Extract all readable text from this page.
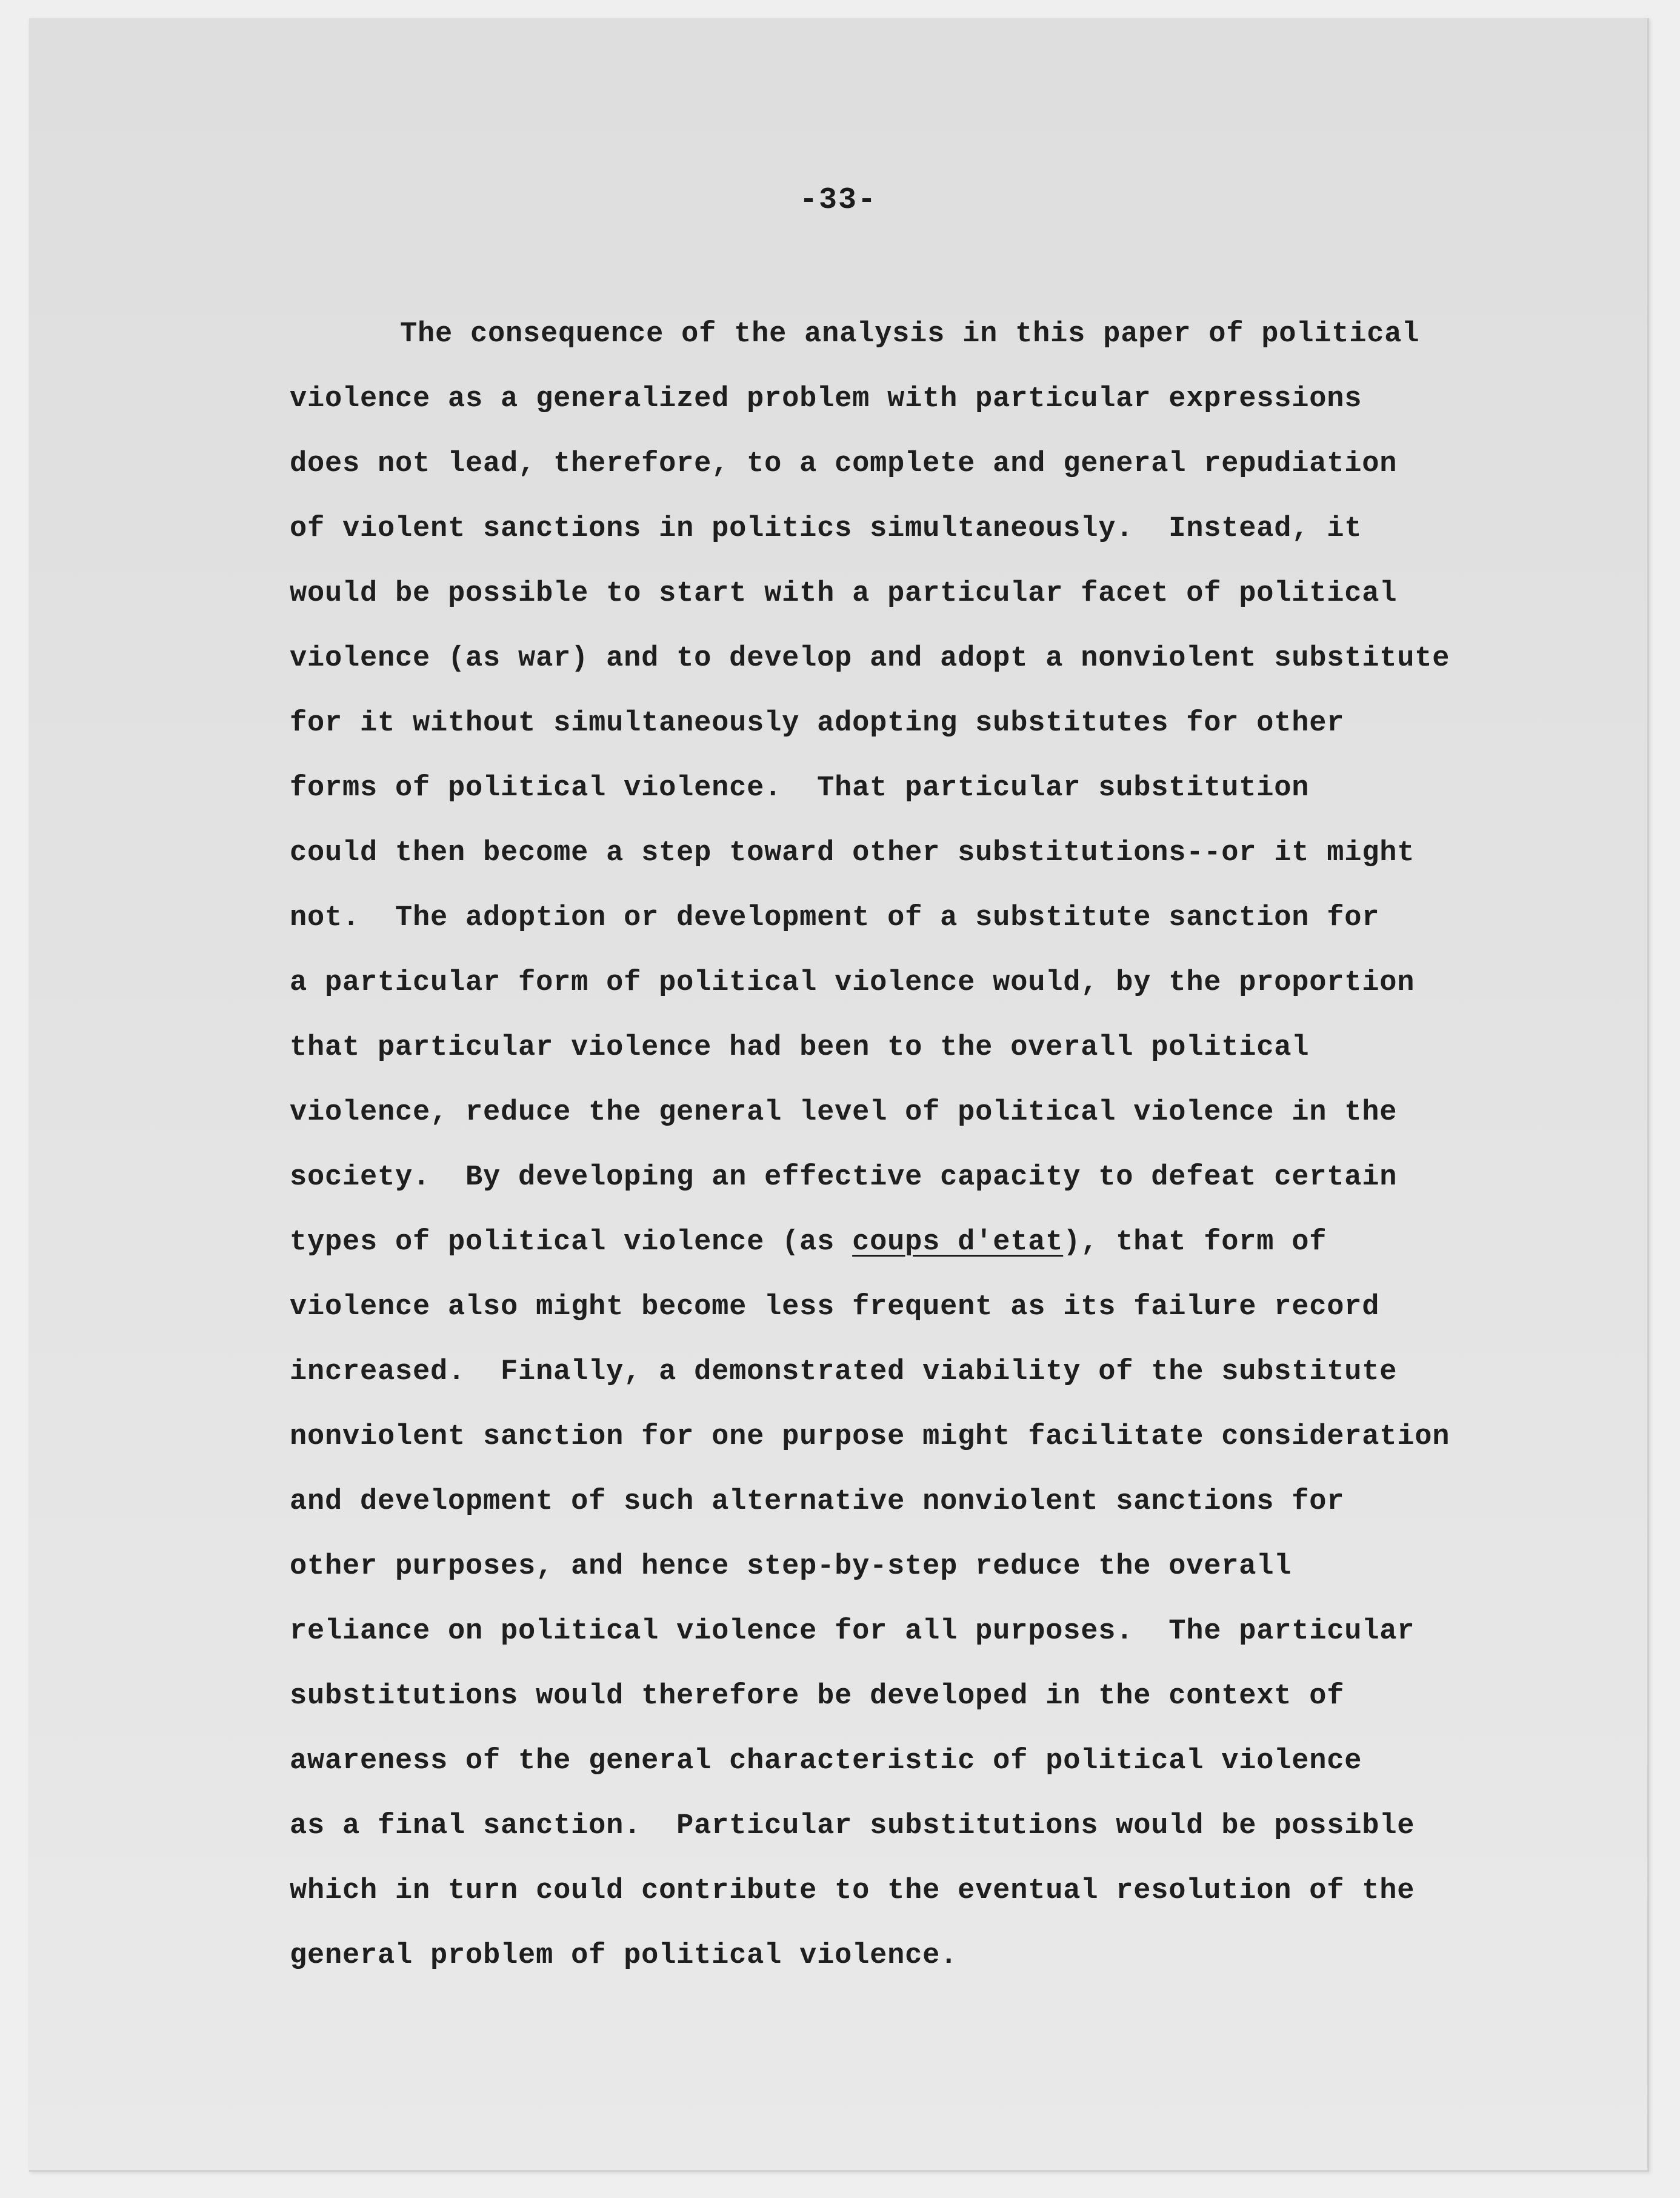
-33-
The consequence of the analysis in this paper of political
violence as a generalized problem with particular expressions
does not lead, therefore, to a complete and general repudiation
of violent sanctions in politics simultaneously.  Instead, it
would be possible to start with a particular facet of political
violence (as war) and to develop and adopt a nonviolent substitute
for it without simultaneously adopting substitutes for other
forms of political violence.  That particular substitution
could then become a step toward other substitutions--or it might
not.  The adoption or development of a substitute sanction for
a particular form of political violence would, by the proportion
that particular violence had been to the overall political
violence, reduce the general level of political violence in the
society.  By developing an effective capacity to defeat certain
types of political violence (as coups d'etat), that form of
violence also might become less frequent as its failure record
increased.  Finally, a demonstrated viability of the substitute
nonviolent sanction for one purpose might facilitate consideration
and development of such alternative nonviolent sanctions for
other purposes, and hence step-by-step reduce the overall
reliance on political violence for all purposes.  The particular
substitutions would therefore be developed in the context of
awareness of the general characteristic of political violence
as a final sanction.  Particular substitutions would be possible
which in turn could contribute to the eventual resolution of the
general problem of political violence.
